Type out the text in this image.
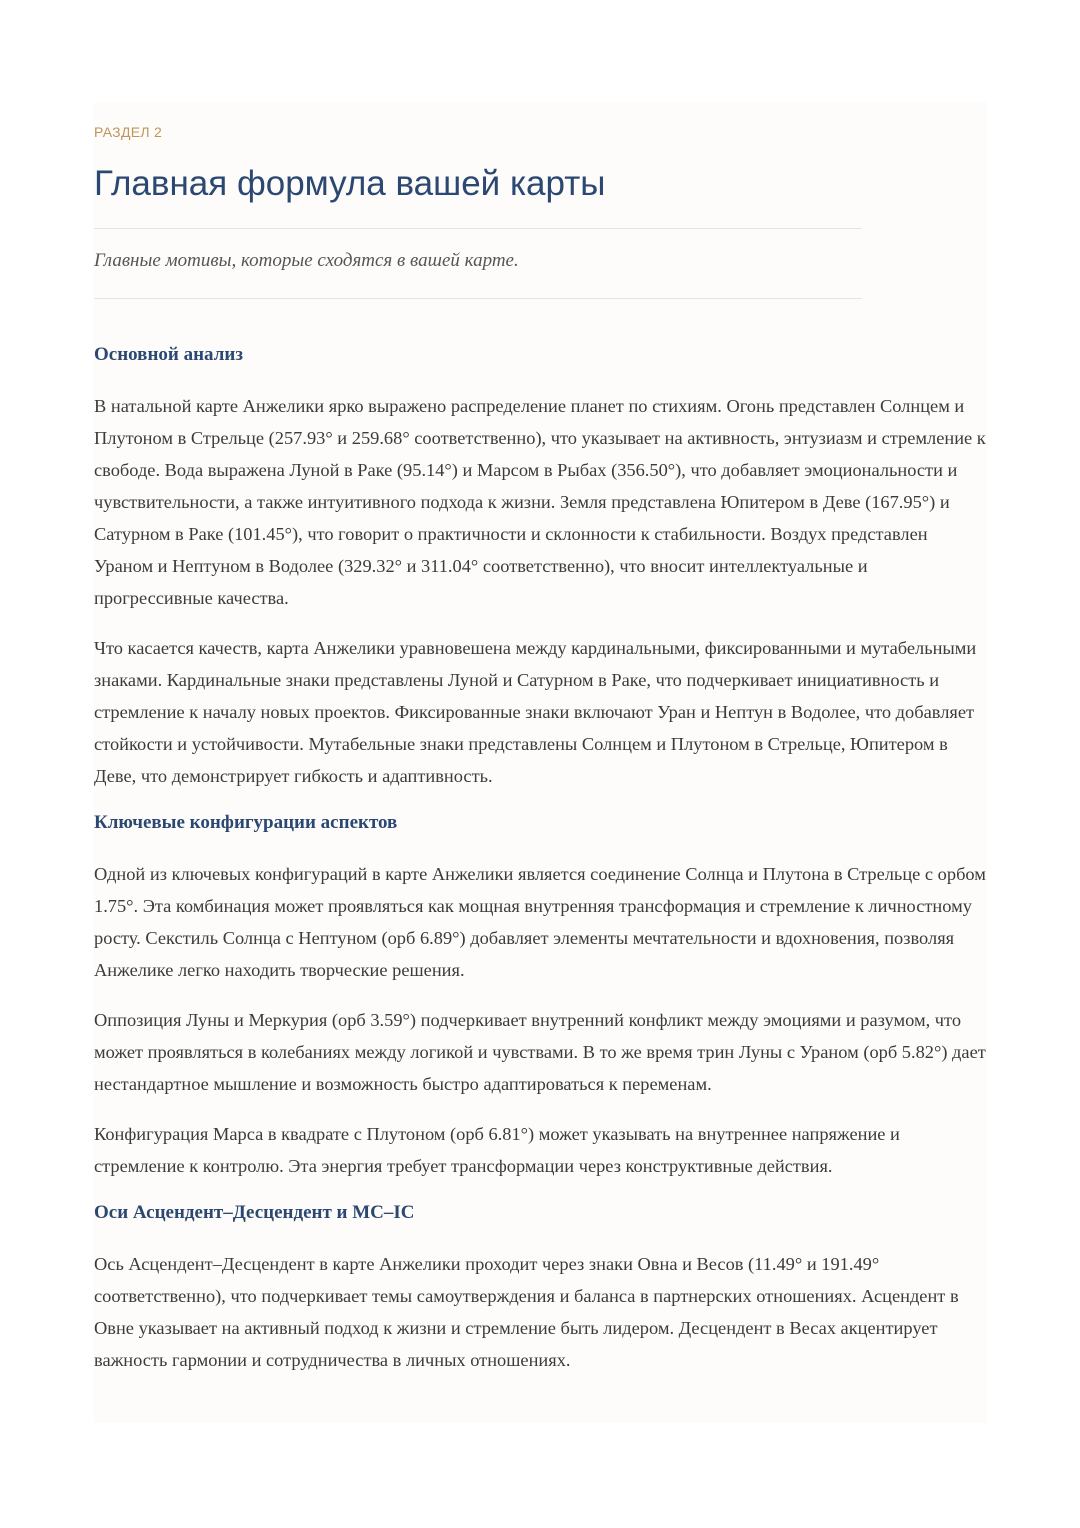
РАЗДЕЛ 2

Главная формула вашей карты

Главные мотивы, которые сходятся в вашей карте.

Основной анализ

В натальной карте Анжелики ярко выражено распределение планет по стихиям. Огонь представлен Солнцем и Плутоном в Стрельце (257.93° и 259.68° соответственно), что указывает на активность, энтузиазм и стремление к свободе. Вода выражена Луной в Раке (95.14°) и Марсом в Рыбах (356.50°), что добавляет эмоциональности и чувствительности, а также интуитивного подхода к жизни. Земля представлена Юпитером в Деве (167.95°) и Сатурном в Раке (101.45°), что говорит о практичности и склонности к стабильности. Воздух представлен Ураном и Нептуном в Водолее (329.32° и 311.04° соответственно), что вносит интеллектуальные и прогрессивные качества.

Что касается качеств, карта Анжелики уравновешена между кардинальными, фиксированными и мутабельными знаками. Кардинальные знаки представлены Луной и Сатурном в Раке, что подчеркивает инициативность и стремление к началу новых проектов. Фиксированные знаки включают Уран и Нептун в Водолее, что добавляет стойкости и устойчивости. Мутабельные знаки представлены Солнцем и Плутоном в Стрельце, Юпитером в Деве, что демонстрирует гибкость и адаптивность.

Ключевые конфигурации аспектов

Одной из ключевых конфигураций в карте Анжелики является соединение Солнца и Плутона в Стрельце с орбом 1.75°. Эта комбинация может проявляться как мощная внутренняя трансформация и стремление к личностному росту. Секстиль Солнца с Нептуном (орб 6.89°) добавляет элементы мечтательности и вдохновения, позволяя Анжелике легко находить творческие решения.

Оппозиция Луны и Меркурия (орб 3.59°) подчеркивает внутренний конфликт между эмоциями и разумом, что может проявляться в колебаниях между логикой и чувствами. В то же время трин Луны с Ураном (орб 5.82°) дает нестандартное мышление и возможность быстро адаптироваться к переменам.

Конфигурация Марса в квадрате с Плутоном (орб 6.81°) может указывать на внутреннее напряжение и стремление к контролю. Эта энергия требует трансформации через конструктивные действия.

Оси Асцендент–Десцендент и MC–IC

Ось Асцендент–Десцендент в карте Анжелики проходит через знаки Овна и Весов (11.49° и 191.49° соответственно), что подчеркивает темы самоутверждения и баланса в партнерских отношениях. Асцендент в Овне указывает на активный подход к жизни и стремление быть лидером. Десцендент в Весах акцентирует важность гармонии и сотрудничества в личных отношениях.
